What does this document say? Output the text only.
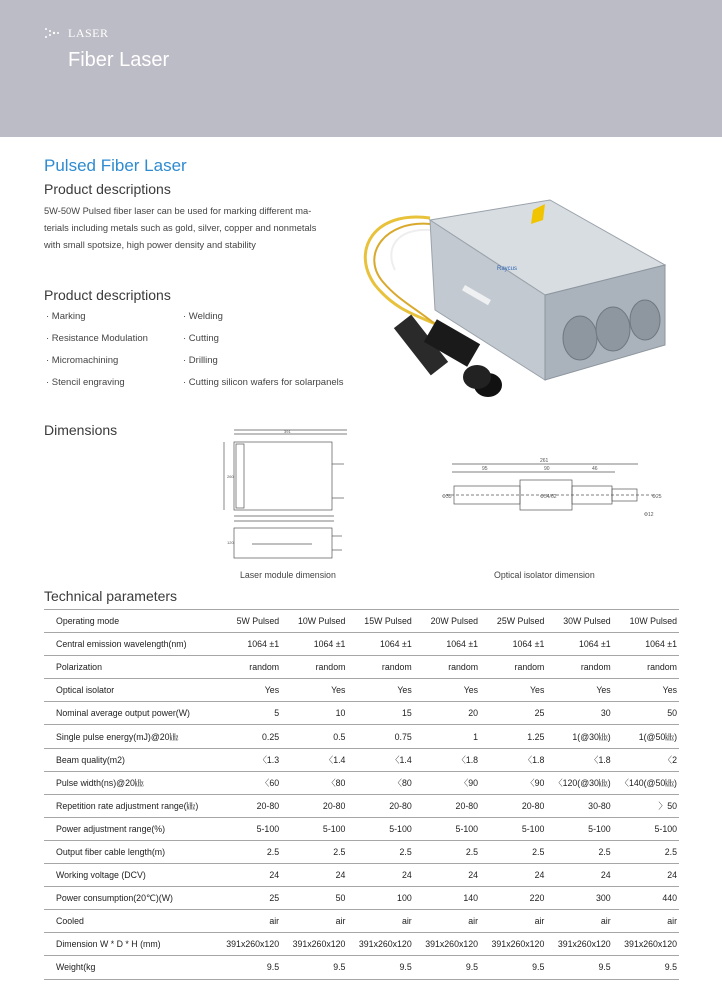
LASER
Fiber Laser
Pulsed Fiber Laser
Product descriptions
5W-50W Pulsed fiber laser can be used for marking different ma-
terials including metals such as gold, silver, copper and nonmetals
with small spotsize, high power density and stability
Product descriptions
· Marking
· Resistance Modulation
· Micromachining
· Stencil engraving
· Welding
· Cutting
· Drilling
· Cutting silicon wafers for solarpanels
Raycus
Dimensions	391
260
120
Laser module dimension
261
95	90	46
Φ35	Φ25
Φ12
Φ54/62
Optical isolator dimension
Technical parameters
Operating mode	5W Pulsed	10W Pulsed	15W Pulsed	20W Pulsed	25W Pulsed	30W Pulsed	10W Pulsed
Central emission wavelength(nm)	1064 ±1	1064 ±1	1064 ±1	1064 ±1	1064 ±1	1064 ±1	1064 ±1
Polarization	random	random	random	random	random	random	random
Optical isolator	Yes	Yes	Yes	Yes	Yes	Yes	Yes
Nominal average output power(W)	5	10	15	20	25	30	50
Single pulse energy(mJ)@20㎑	0.25	0.5	0.75	1	1.25	1(@30㎑)	1(@50㎑)
Beam quality(m2)	〈1.3	〈1.4	〈1.4	〈1.8	〈1.8	〈1.8	〈2
Pulse width(ns)@20㎑	〈60	〈80	〈80	〈90	〈90	〈120(@30㎑)	〈140(@50㎑)
Repetition rate adjustment range(㎑)	20-80	20-80	20-80	20-80	20-80	30-80	〉50
Power adjustment range(%)	5-100	5-100	5-100	5-100	5-100	5-100	5-100
Output fiber cable length(m)	2.5	2.5	2.5	2.5	2.5	2.5	2.5
Working voltage (DCV)	24	24	24	24	24	24	24
Power consumption(20℃)(W)	25	50	100	140	220	300	440
Cooled	air	air	air	air	air	air	air
Dimension W * D * H (mm)	391x260x120	391x260x120	391x260x120	391x260x120	391x260x120	391x260x120	391x260x120
Weight(kg	9.5	9.5	9.5	9.5	9.5	9.5	9.5
